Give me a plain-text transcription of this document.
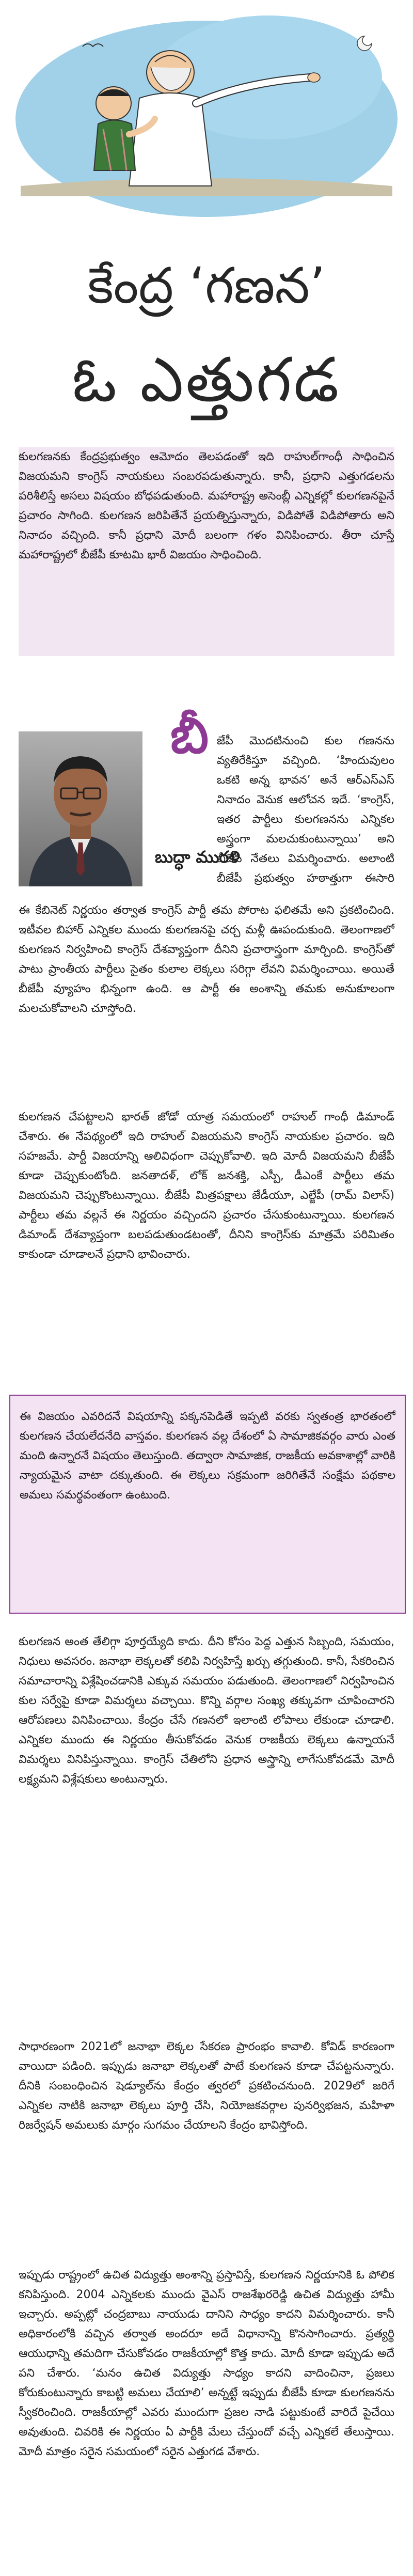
కేంద్ర ‘గణన’
ఓ ఎత్తుగడ

కులగణనకు కేంద్రప్రభుత్వం ఆమోదం తెలపడంతో ఇది రాహుల్‌గాంధీ సాధించిన విజయమని కాంగ్రెస్ నాయకులు సంబరపడుతున్నారు. కానీ, ప్రధాని ఎత్తుగడలను పరిశీలిస్తే అసలు విషయం బోధపడుతుంది. మహారాష్ట్ర అసెంబ్లీ ఎన్నికల్లో కులగణనపైనే ప్రచారం సాగింది. కులగణన జరిపితేనే ప్రయత్నిస్తున్నారు, విడిపోతే విడిపోతారు అని నినాదం వచ్చింది. కానీ ప్రధాని మోదీ బలంగా గళం వినిపించారు. తీరా చూస్తే మహారాష్ట్రలో బీజేపీ కూటమి భారీ విజయం సాధించింది.

బీ జేపీ మొదటినుంచి కుల గణనను వ్యతిరేకిస్తూ వచ్చింది. ‘హిందువులం ఒకటి అన్న భావన’ అనే ఆర్‌ఎస్‌ఎస్ నినాదం వెనుక ఆలోచన ఇదే. ‘కాంగ్రెస్, ఇతర పార్టీలు కులగణనను ఎన్నికల అస్త్రంగా మలచుకుంటున్నాయి’ అని బీజేపీ నేతలు విమర్శించారు. అలాంటి బీజేపీ ప్రభుత్వం హఠాత్తుగా ఈసారి

బుద్ధా మురళి

ఈ కేబినెట్ నిర్ణయం తర్వాత కాంగ్రెస్ పార్టీ తమ పోరాట ఫలితమే అని ప్రకటించింది. ఇటీవల బిహార్ ఎన్నికల ముందు కులగణనపై చర్చ మళ్లీ ఊపందుకుంది. తెలంగాణలో కులగణన నిర్వహించి కాంగ్రెస్ దేశవ్యాప్తంగా దీనిని ప్రచారాస్త్రంగా మార్చింది. కాంగ్రెస్‌తో పాటు ప్రాంతీయ పార్టీలు సైతం కులాల లెక్కలు సరిగ్గా లేవని విమర్శించాయి. అయితే బీజేపీ వ్యూహం భిన్నంగా ఉంది. ఆ పార్టీ ఈ అంశాన్ని తమకు అనుకూలంగా మలచుకోవాలని చూస్తోంది.

కులగణన చేపట్టాలని భారత్ జోడో యాత్ర సమయంలో రాహుల్ గాంధీ డిమాండ్ చేశారు. ఈ నేపథ్యంలో ఇది రాహుల్ విజయమని కాంగ్రెస్ నాయకుల ప్రచారం. ఇది సహజమే. పార్టీ విజయాన్ని ఆలివిధంగా చెప్పుకోవాలి. ఇది మోదీ విజయమని బీజేపీ కూడా చెప్పుకుంటోంది. జనతాదళ్, లోక్ జనశక్తి, ఎస్పీ, డీఎంకే పార్టీలు తమ విజయమని చెప్పుకొంటున్నాయి. బీజేపీ మిత్రపక్షాలు జేడీయూ, ఎల్జేపీ (రామ్ విలాస్) పార్టీలు తమ వల్లనే ఈ నిర్ణయం వచ్చిందని ప్రచారం చేసుకుంటున్నాయి. కులగణన డిమాండ్ దేశవ్యాప్తంగా బలపడుతుండటంతో, దీనిని కాంగ్రెస్‌కు మాత్రమే పరిమితం కాకుండా చూడాలనే ప్రధాని భావించారు.

ఈ విజయం ఎవరిదనే విషయాన్ని పక్కనపెడితే ఇప్పటి వరకు స్వతంత్ర భారతంలో కులగణన చేయలేదనేది వాస్తవం. కులగణన వల్ల దేశంలో ఏ సామాజికవర్గం వారు ఎంత మంది ఉన్నారనే విషయం తెలుస్తుంది. తద్వారా సామాజిక, రాజకీయ అవకాశాల్లో వారికి న్యాయమైన వాటా దక్కుతుంది. ఈ లెక్కలు సక్రమంగా జరిగితేనే సంక్షేమ పథకాల అమలు సమర్థవంతంగా ఉంటుంది.

కులగణన అంత తేలిగ్గా పూర్తయ్యేది కాదు. దీని కోసం పెద్ద ఎత్తున సిబ్బంది, సమయం, నిధులు అవసరం. జనాభా లెక్కలతో కలిపి నిర్వహిస్తే ఖర్చు తగ్గుతుంది. కానీ, సేకరించిన సమాచారాన్ని విశ్లేషించడానికి ఎక్కువ సమయం పడుతుంది. తెలంగాణలో నిర్వహించిన కుల సర్వేపై కూడా విమర్శలు వచ్చాయి. కొన్ని వర్గాల సంఖ్య తక్కువగా చూపించారని ఆరోపణలు వినిపించాయి. కేంద్రం చేసే గణనలో ఇలాంటి లోపాలు లేకుండా చూడాలి. ఎన్నికల ముందు ఈ నిర్ణయం తీసుకోవడం వెనుక రాజకీయ లెక్కలు ఉన్నాయనే విమర్శలు వినిపిస్తున్నాయి. కాంగ్రెస్ చేతిలోని ప్రధాన అస్త్రాన్ని లాగేసుకోవడమే మోదీ లక్ష్యమని విశ్లేషకులు అంటున్నారు.

సాధారణంగా 2021లో జనాభా లెక్కల సేకరణ ప్రారంభం కావాలి. కోవిడ్ కారణంగా వాయిదా పడింది. ఇప్పుడు జనాభా లెక్కలతో పాటే కులగణన కూడా చేపట్టనున్నారు. దీనికి సంబంధించిన షెడ్యూల్‌ను కేంద్రం త్వరలో ప్రకటించనుంది. 2029లో జరిగే ఎన్నికల నాటికి జనాభా లెక్కలు పూర్తి చేసి, నియోజకవర్గాల పునర్విభజన, మహిళా రిజర్వేషన్ అమలుకు మార్గం సుగమం చేయాలని కేంద్రం భావిస్తోంది.

ఇప్పుడు రాష్ట్రంలో ఉచిత విద్యుత్తు అంశాన్ని ప్రస్తావిస్తే, కులగణన నిర్ణయానికి ఓ పోలిక కనిపిస్తుంది. 2004 ఎన్నికలకు ముందు వైఎస్ రాజశేఖరరెడ్డి ఉచిత విద్యుత్తు హామీ ఇచ్చారు. అప్పట్లో చంద్రబాబు నాయుడు దానిని సాధ్యం కాదని విమర్శించారు. కానీ అధికారంలోకి వచ్చిన తర్వాత అందరూ అదే విధానాన్ని కొనసాగించారు. ప్రత్యర్థి ఆయుధాన్ని తమదిగా చేసుకోవడం రాజకీయాల్లో కొత్త కాదు. మోదీ కూడా ఇప్పుడు అదే పని చేశారు. ‘మనం ఉచిత విద్యుత్తు సాధ్యం కాదని వాదించినా, ప్రజలు కోరుకుంటున్నారు కాబట్టి అమలు చేయాలి’ అన్నట్టే ఇప్పుడు బీజేపీ కూడా కులగణనను స్వీకరించింది. రాజకీయాల్లో ఎవరు ముందుగా ప్రజల నాడి పట్టుకుంటే వారిదే పైచేయి అవుతుంది. చివరికి ఈ నిర్ణయం ఏ పార్టీకి మేలు చేస్తుందో వచ్చే ఎన్నికలే తేలుస్తాయి. మోదీ మాత్రం సరైన సమయంలో సరైన ఎత్తుగడ వేశారు.
